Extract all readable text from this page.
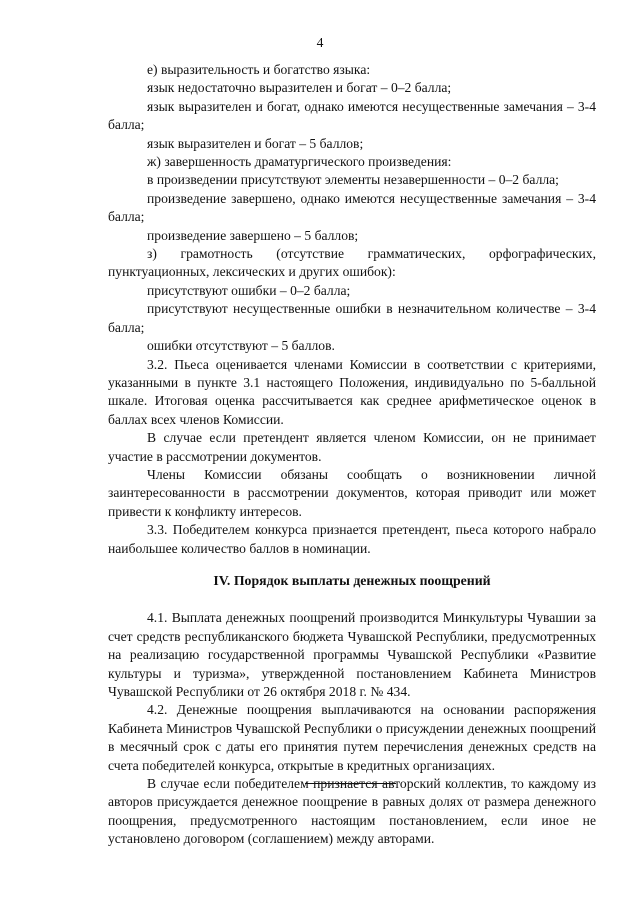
4

е) выразительность и богатство языка:

язык недостаточно выразителен и богат – 0–2 балла;

язык выразителен и богат, однако имеются несущественные замечания – 3-4 балла;

язык выразителен и богат – 5 баллов;

ж) завершенность драматургического произведения:

в произведении присутствуют элементы незавершенности – 0–2 балла;

произведение завершено, однако имеются несущественные замечания – 3-4 балла;

произведение завершено – 5 баллов;

з) грамотность (отсутствие грамматических, орфографических, пунктуационных, лексических и других ошибок):

присутствуют ошибки – 0–2 балла;

присутствуют несущественные ошибки в незначительном количестве – 3-4 балла;

ошибки отсутствуют – 5 баллов.

3.2. Пьеса оценивается членами Комиссии в соответствии с критериями, указанными в пункте 3.1 настоящего Положения, индивидуально по 5-балльной шкале. Итоговая оценка рассчитывается как среднее арифметическое оценок в баллах всех членов Комиссии.

В случае если претендент является членом Комиссии, он не принимает участие в рассмотрении документов.

Члены Комиссии обязаны сообщать о возникновении личной заинтересованности в рассмотрении документов, которая приводит или может привести к конфликту интересов.

3.3. Победителем конкурса признается претендент, пьеса которого набрало наибольшее количество баллов в номинации.

IV. Порядок выплаты денежных поощрений

4.1. Выплата денежных поощрений производится Минкультуры Чувашии за счет средств республиканского бюджета Чувашской Республики, предусмотренных на реализацию государственной программы Чувашской Республики «Развитие культуры и туризма», утвержденной постановлением Кабинета Министров Чувашской Республики от 26 октября 2018 г. № 434.

4.2. Денежные поощрения выплачиваются на основании распоряжения Кабинета Министров Чувашской Республики о присуждении денежных поощрений в месячный срок с даты его принятия путем перечисления денежных средств на счета победителей конкурса, открытые в кредитных организациях.

В случае если победителем признается авторский коллектив, то каждому из авторов присуждается денежное поощрение в равных долях от размера денежного поощрения, предусмотренного настоящим постановлением, если иное не установлено договором (соглашением) между авторами.
